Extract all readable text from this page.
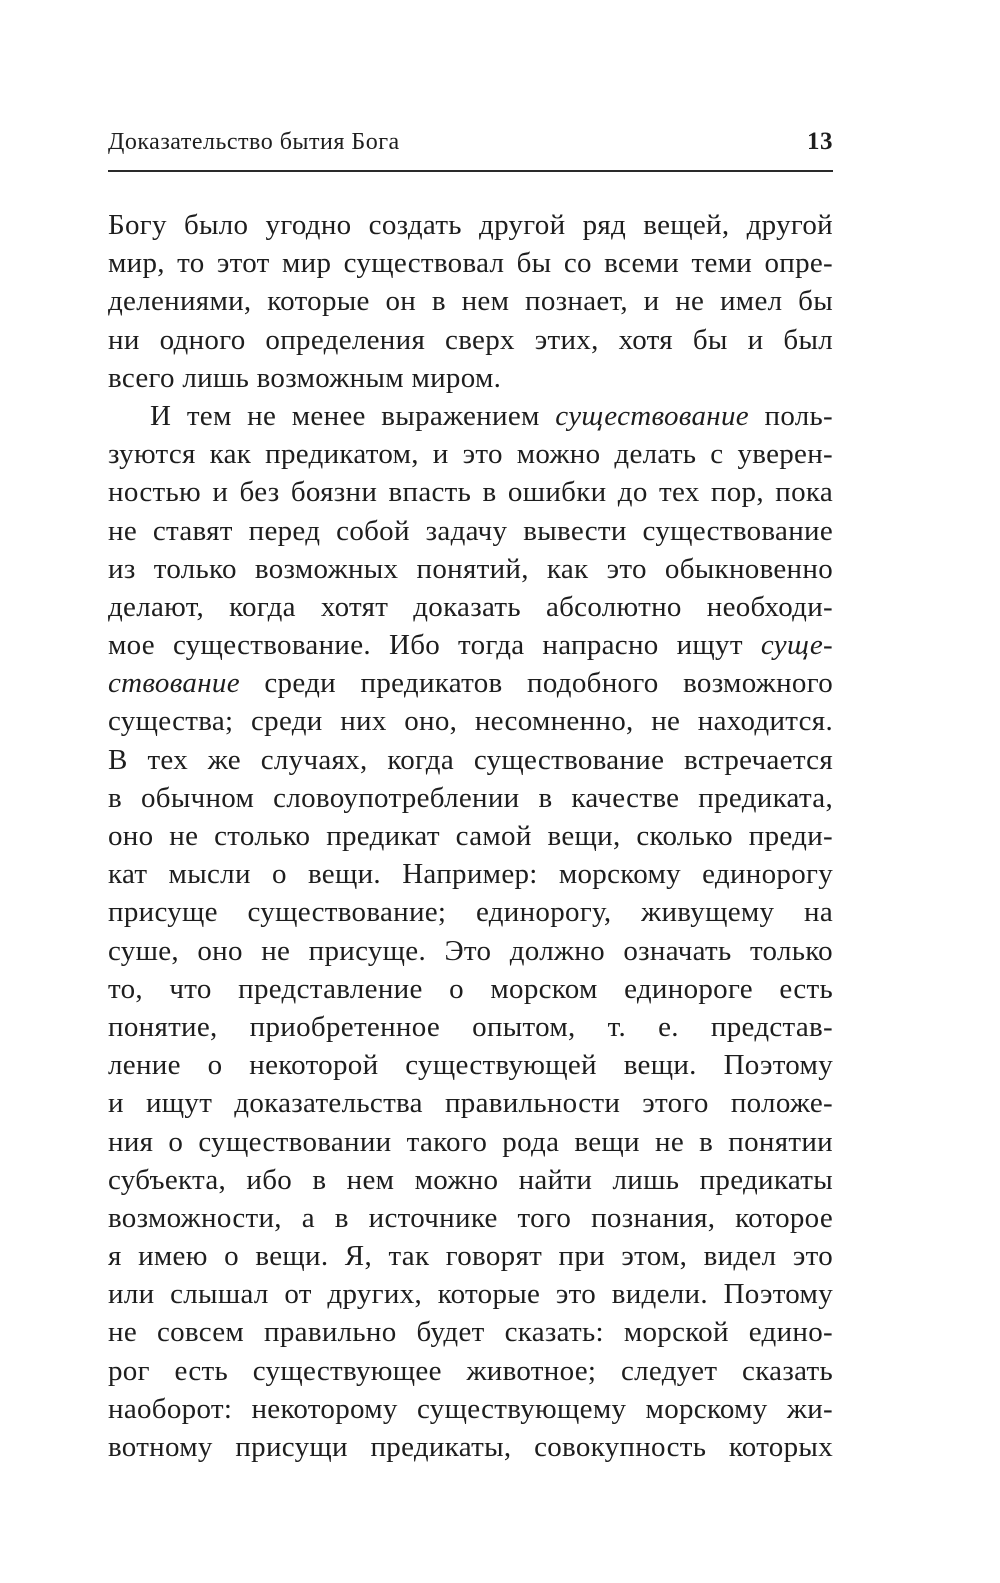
Доказательство бытия Бога	13
Богу было угодно создать другой ряд вещей, другой
мир, то этот мир существовал бы со всеми теми опре-
делениями, которые он в нем познает, и не имел бы
ни одного определения сверх этих, хотя бы и был
всего лишь возможным миром.
И тем не менее выражением существование поль-
зуются как предикатом, и это можно делать с уверен-
ностью и без боязни впасть в ошибки до тех пор, пока
не ставят перед собой задачу вывести существование
из только возможных понятий, как это обыкновенно
делают, когда хотят доказать абсолютно необходи-
мое существование. Ибо тогда напрасно ищут суще-
ствование среди предикатов подобного возможного
существа; среди них оно, несомненно, не находится.
В тех же случаях, когда существование встречается
в обычном словоупотреблении в качестве предиката,
оно не столько предикат самой вещи, сколько преди-
кат мысли о вещи. Например: морскому единорогу
присуще существование; единорогу, живущему на
суше, оно не присуще. Это должно означать только
то, что представление о морском единороге есть
понятие, приобретенное опытом, т. е. представ-
ление о некоторой существующей вещи. Поэтому
и ищут доказательства правильности этого положе-
ния о существовании такого рода вещи не в понятии
субъекта, ибо в нем можно найти лишь предикаты
возможности, а в источнике того познания, которое
я имею о вещи. Я, так говорят при этом, видел это
или слышал от других, которые это видели. Поэтому
не совсем правильно будет сказать: морской едино-
рог есть существующее животное; следует сказать
наоборот: некоторому существующему морскому жи-
вотному присущи предикаты, совокупность которых
